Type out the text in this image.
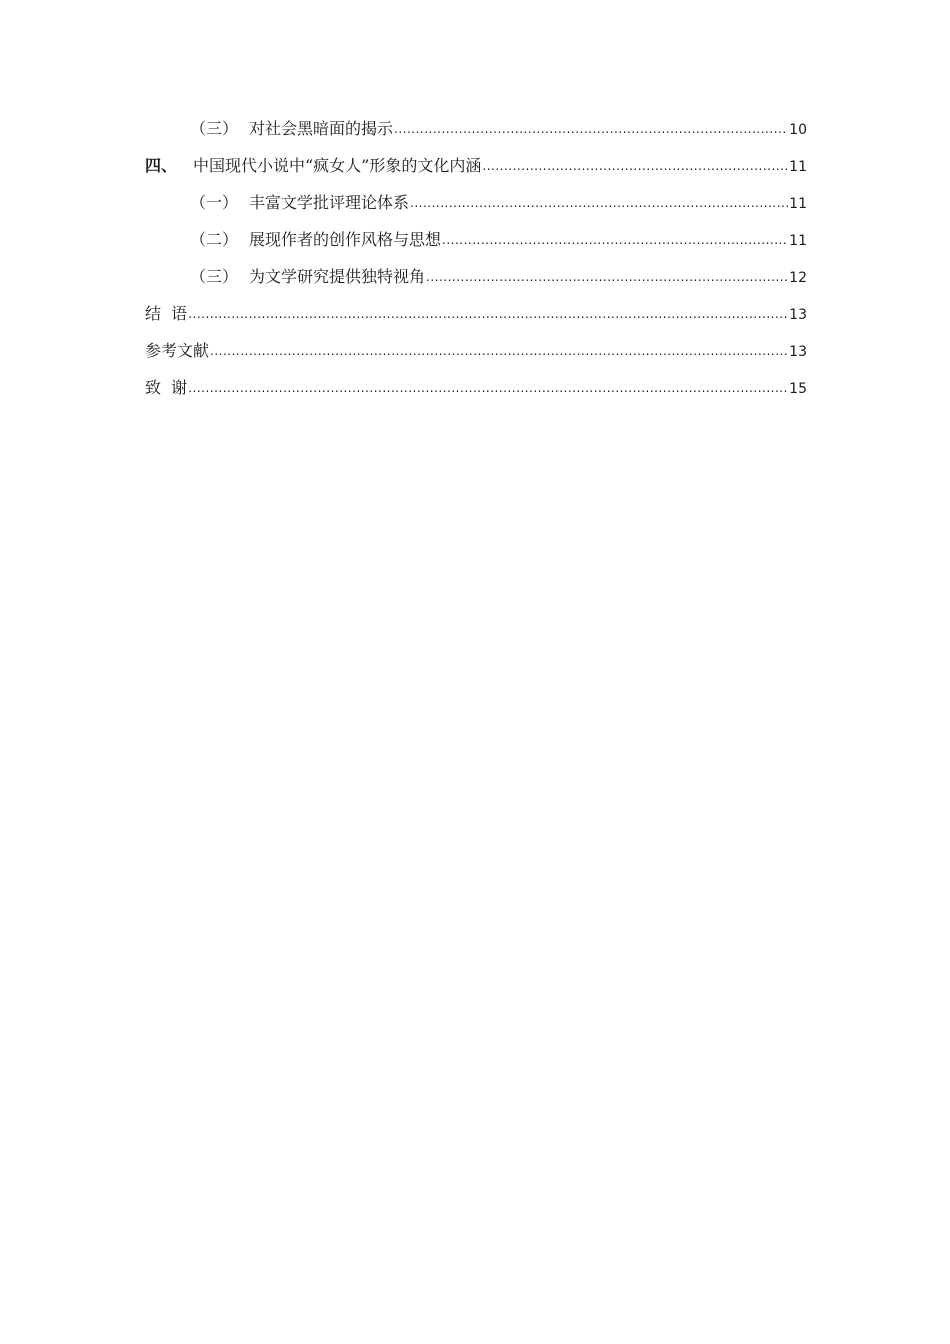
（三） 对社会黑暗面的揭示 .....	10
四、 中国现代小说中“疯女人”形象的文化内涵 .....	11
（一） 丰富文学批评理论体系 .....	11
（二） 展现作者的创作风格与思想 .....	11
（三） 为文学研究提供独特视角 .....	12
结  语 .....	13
参考文献 .....	13
致  谢 .....	15
